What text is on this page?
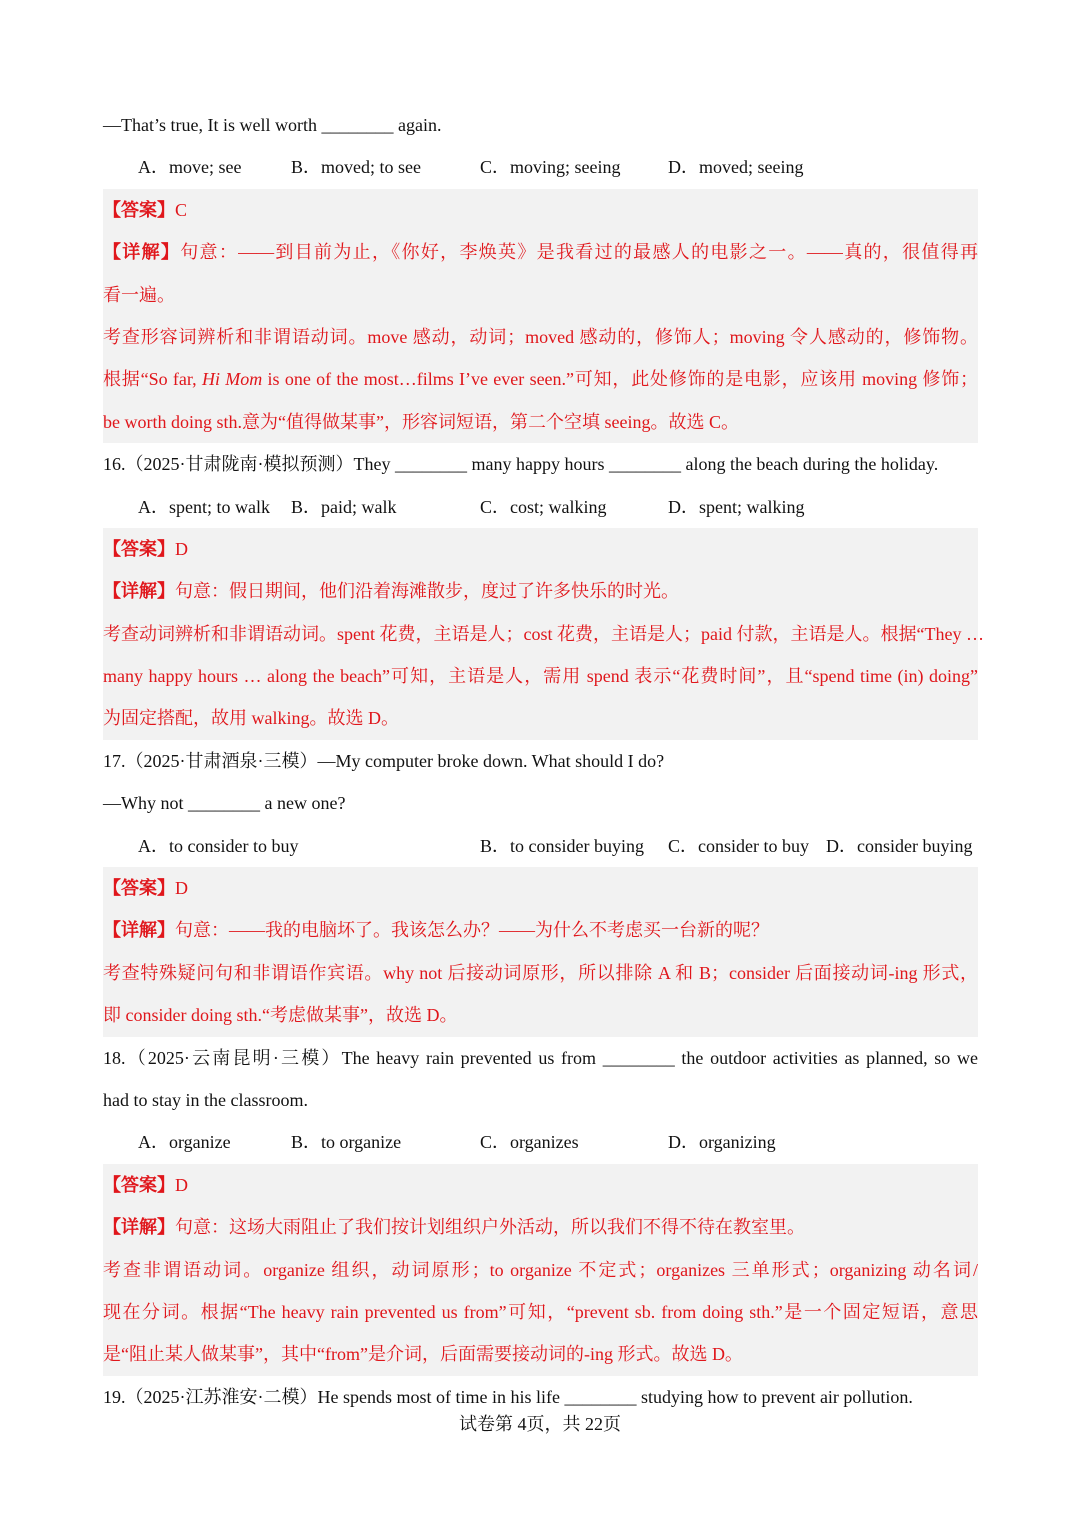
—That’s true, It is well worth ________ again.
A．move; see	B．moved; to see	C．moving; seeing	D．moved; seeing
【答案】C
【详解】句意：——到目前为止，《你好，李焕英》是我看过的最感人的电影之一。——真的，很值得再
看一遍。
考查形容词辨析和非谓语动词。move 感动，动词；moved 感动的，修饰人；moving 令人感动的，修饰物。
根据“So far, Hi Mom is one of the most…films I’ve ever seen.”可知，此处修饰的是电影，应该用 moving 修饰；
be worth doing sth.意为“值得做某事”，形容词短语，第二个空填 seeing。故选 C。
16.（2025·甘肃陇南·模拟预测）They ________ many happy hours ________ along the beach during the holiday.
A．spent; to walk B．paid; walk	C．cost; walking	D．spent; walking
【答案】D
【详解】句意：假日期间，他们沿着海滩散步，度过了许多快乐的时光。
考查动词辨析和非谓语动词。spent 花费，主语是人；cost 花费，主语是人；paid 付款，主语是人。根据“They …
many happy hours … along the beach”可知，主语是人，需用 spend 表示“花费时间”，且“spend time (in) doing”
为固定搭配，故用 walking。故选 D。
17.（2025·甘肃酒泉·三模）—My computer broke down. What should I do?
—Why not ________ a new one?
A．to consider to buy	B．to consider buying C．consider to buy D．consider buying
【答案】D
【详解】句意：——我的电脑坏了。我该怎么办？——为什么不考虑买一台新的呢？
考查特殊疑问句和非谓语作宾语。why not 后接动词原形，所以排除 A 和 B；consider 后面接动词-ing 形式，
即 consider doing sth.“考虑做某事”，故选 D。
18.（2025·云南昆明·三模）The heavy rain prevented us from ________ the outdoor activities as planned, so we
had to stay in the classroom.
A．organize	B．to organize	C．organizes	D．organizing
【答案】D
【详解】句意：这场大雨阻止了我们按计划组织户外活动，所以我们不得不待在教室里。
考查非谓语动词。organize 组织，动词原形；to organize 不定式；organizes 三单形式；organizing 动名词/
现在分词。根据“The heavy rain prevented us from”可知，“prevent sb. from doing sth.”是一个固定短语，意思
是“阻止某人做某事”，其中“from”是介词，后面需要接动词的-ing 形式。故选 D。
19.（2025·江苏淮安·二模）He spends most of time in his life ________ studying how to prevent air pollution.
试卷第 4页，共 22页
